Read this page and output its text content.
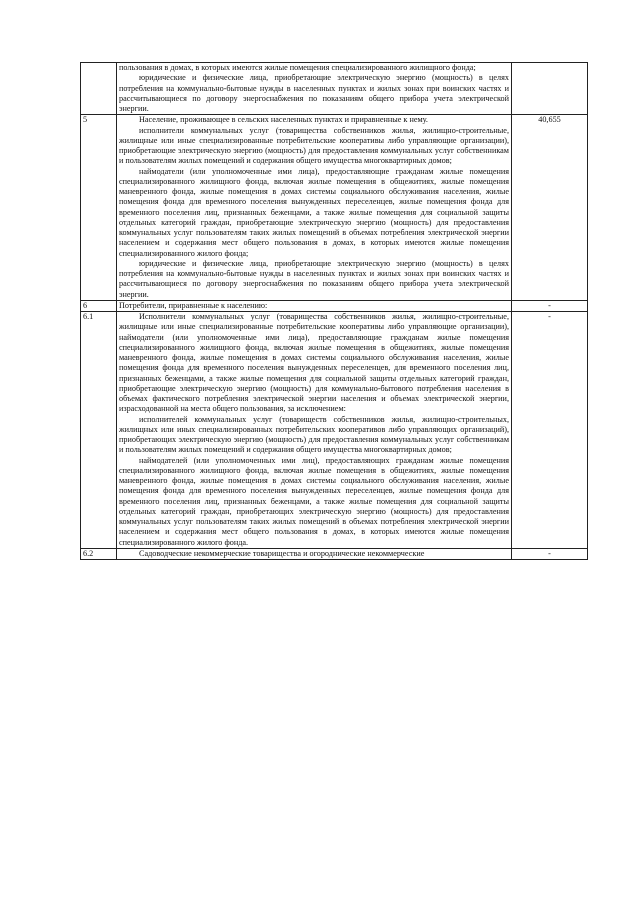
	пользования в домах, в которых имеются жилые помещения специализированного жилищного фонда;

юридические и физические лица, приобретающие электрическую энергию (мощность) в целях потребления на коммунально-бытовые нужды в населенных пунктах и жилых зонах при воинских частях и рассчитывающиеся по договору энергоснабжения по показаниям общего прибора учета электрической энергии.	

5	Население, проживающее в сельских населенных пунктах и приравненные к нему.

исполнители коммунальных услуг (товарищества собственников жилья, жилищно-строительные, жилищные или иные специализированные потребительские кооперативы либо управляющие организации), приобретающие электрическую энергию (мощность) для предоставления коммунальных услуг собственникам и пользователям жилых помещений и содержания общего имущества многоквартирных домов;

наймодатели (или уполномоченные ими лица), предоставляющие гражданам жилые помещения специализированного жилищного фонда, включая жилые помещения в общежитиях, жилые помещения маневренного фонда, жилые помещения в домах системы социального обслуживания населения, жилые помещения фонда для временного поселения вынужденных переселенцев, жилые помещения фонда для временного поселения лиц, признанных беженцами, а также жилые помещения для социальной защиты отдельных категорий граждан, приобретающие электрическую энергию (мощность) для предоставления коммунальных услуг пользователям таких жилых помещений в объемах потребления электрической энергии населением и содержания мест общего пользования в домах, в которых имеются жилые помещения специализированного жилого фонда;

юридические и физические лица, приобретающие электрическую энергию (мощность) в целях потребления на коммунально-бытовые нужды в населенных пунктах и жилых зонах при воинских частях и рассчитывающиеся по договору энергоснабжения по показаниям общего прибора учета электрической энергии.	40,655
6	Потребители, приравненные к населению:	-
6.1	Исполнители коммунальных услуг (товарищества собственников жилья, жилищно-строительные, жилищные или иные специализированные потребительские кооперативы либо управляющие организации), наймодатели (или уполномоченные ими лица), предоставляющие гражданам жилые помещения специализированного жилищного фонда, включая жилые помещения в общежитиях, жилые помещения маневренного фонда, жилые помещения в домах системы социального обслуживания населения, жилые помещения фонда для временного поселения вынужденных переселенцев, для временного поселения лиц, признанных беженцами, а также жилые помещения для социальной защиты отдельных категорий граждан, приобретающие электрическую энергию (мощность) для коммунально-бытового потребления населения в объемах фактического потребления электрической энергии населения и объемах электрической энергии, израсходованной на места общего пользования, за исключением:

исполнителей коммунальных услуг (товариществ собственников жилья, жилищно-строительных, жилищных или иных специализированных потребительских кооперативов либо управляющих организаций), приобретающих электрическую энергию (мощность) для предоставления коммунальных услуг собственникам и пользователям жилых помещений и содержания общего имущества многоквартирных домов;

наймодателей (или уполномоченных ими лиц), предоставляющих гражданам жилые помещения специализированного жилищного фонда, включая жилые помещения в общежитиях, жилые помещения маневренного фонда, жилые помещения в домах системы социального обслуживания населения, жилые помещения фонда для временного поселения вынужденных переселенцев, жилые помещения фонда для временного поселения лиц, признанных беженцами, а также жилые помещения для социальной защиты отдельных категорий граждан, приобретающих электрическую энергию (мощность) для предоставления коммунальных услуг пользователям таких жилых помещений в объемах потребления электрической энергии населением и содержания мест общего пользования в домах, в которых имеются жилые помещения специализированного жилого фонда.	-
6.2	Садоводческие некоммерческие товарищества и огороднические некоммерческие	-
